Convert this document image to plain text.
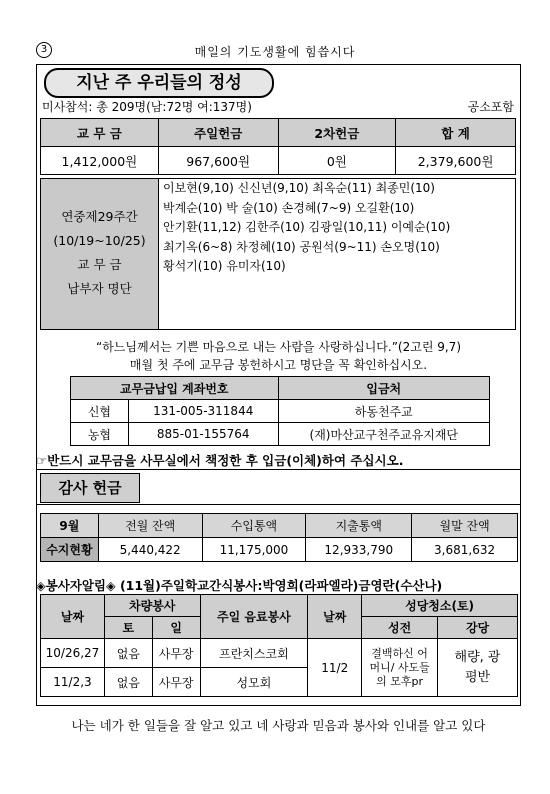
3	매일의 기도생활에 힘씁시다
지난 주 우리들의 정성
미사참석: 총 209명(남:72명 여:137명)	공소포함
교 무 금	주일헌금	2차헌금	합 계
1,412,000원	967,600원	0원	2,379,600원
연중제29주간
(10/19~10/25)
교 무 금
납부자 명단
이보현(9,10) 신신년(9,10) 최옥순(11) 최종민(10)
박계순(10) 박 술(10) 손경혜(7~9) 오길환(10)
안기환(11,12) 김한주(10) 김광일(10,11) 이예순(10)
최기옥(6~8) 차정혜(10) 공원석(9~11) 손오명(10)
황석기(10) 유미자(10)
“하느님께서는 기쁜 마음으로 내는 사람을 사랑하십니다.”(2고린 9,7)
매월 첫 주에 교무금 봉헌하시고 명단을 꼭 확인하십시오.
교무금납입 계좌번호		입금처
신협	131-005-311844	하동천주교
농협	885-01-155764	(재)마산교구천주교유지재단
☞반드시 교무금을 사무실에서 책정한 후 입금(이체)하여 주십시오.
감사 헌금
9월	전월 잔액	수입통액	지출통액	월말 잔액
수지현황	5,440,422	11,175,000	12,933,790	3,681,632
◈봉사자알림◈ (11월)주일학교간식봉사:박영희(라파엘라)금영란(수산나)
날짜	차량봉사		주일 음료봉사	날짜	성당청소(토)	
	토	일			성전	강당
10/26,27	없음	사무장	프란치스코회	11/2	결백하신 어머니/ 사도들의 모후pr	해량, 광평반

11/2,3	없음	사무장	성모회			
나는 네가 한 일들을 잘 알고 있고 네 사랑과 믿음과 봉사와 인내를 알고 있다
